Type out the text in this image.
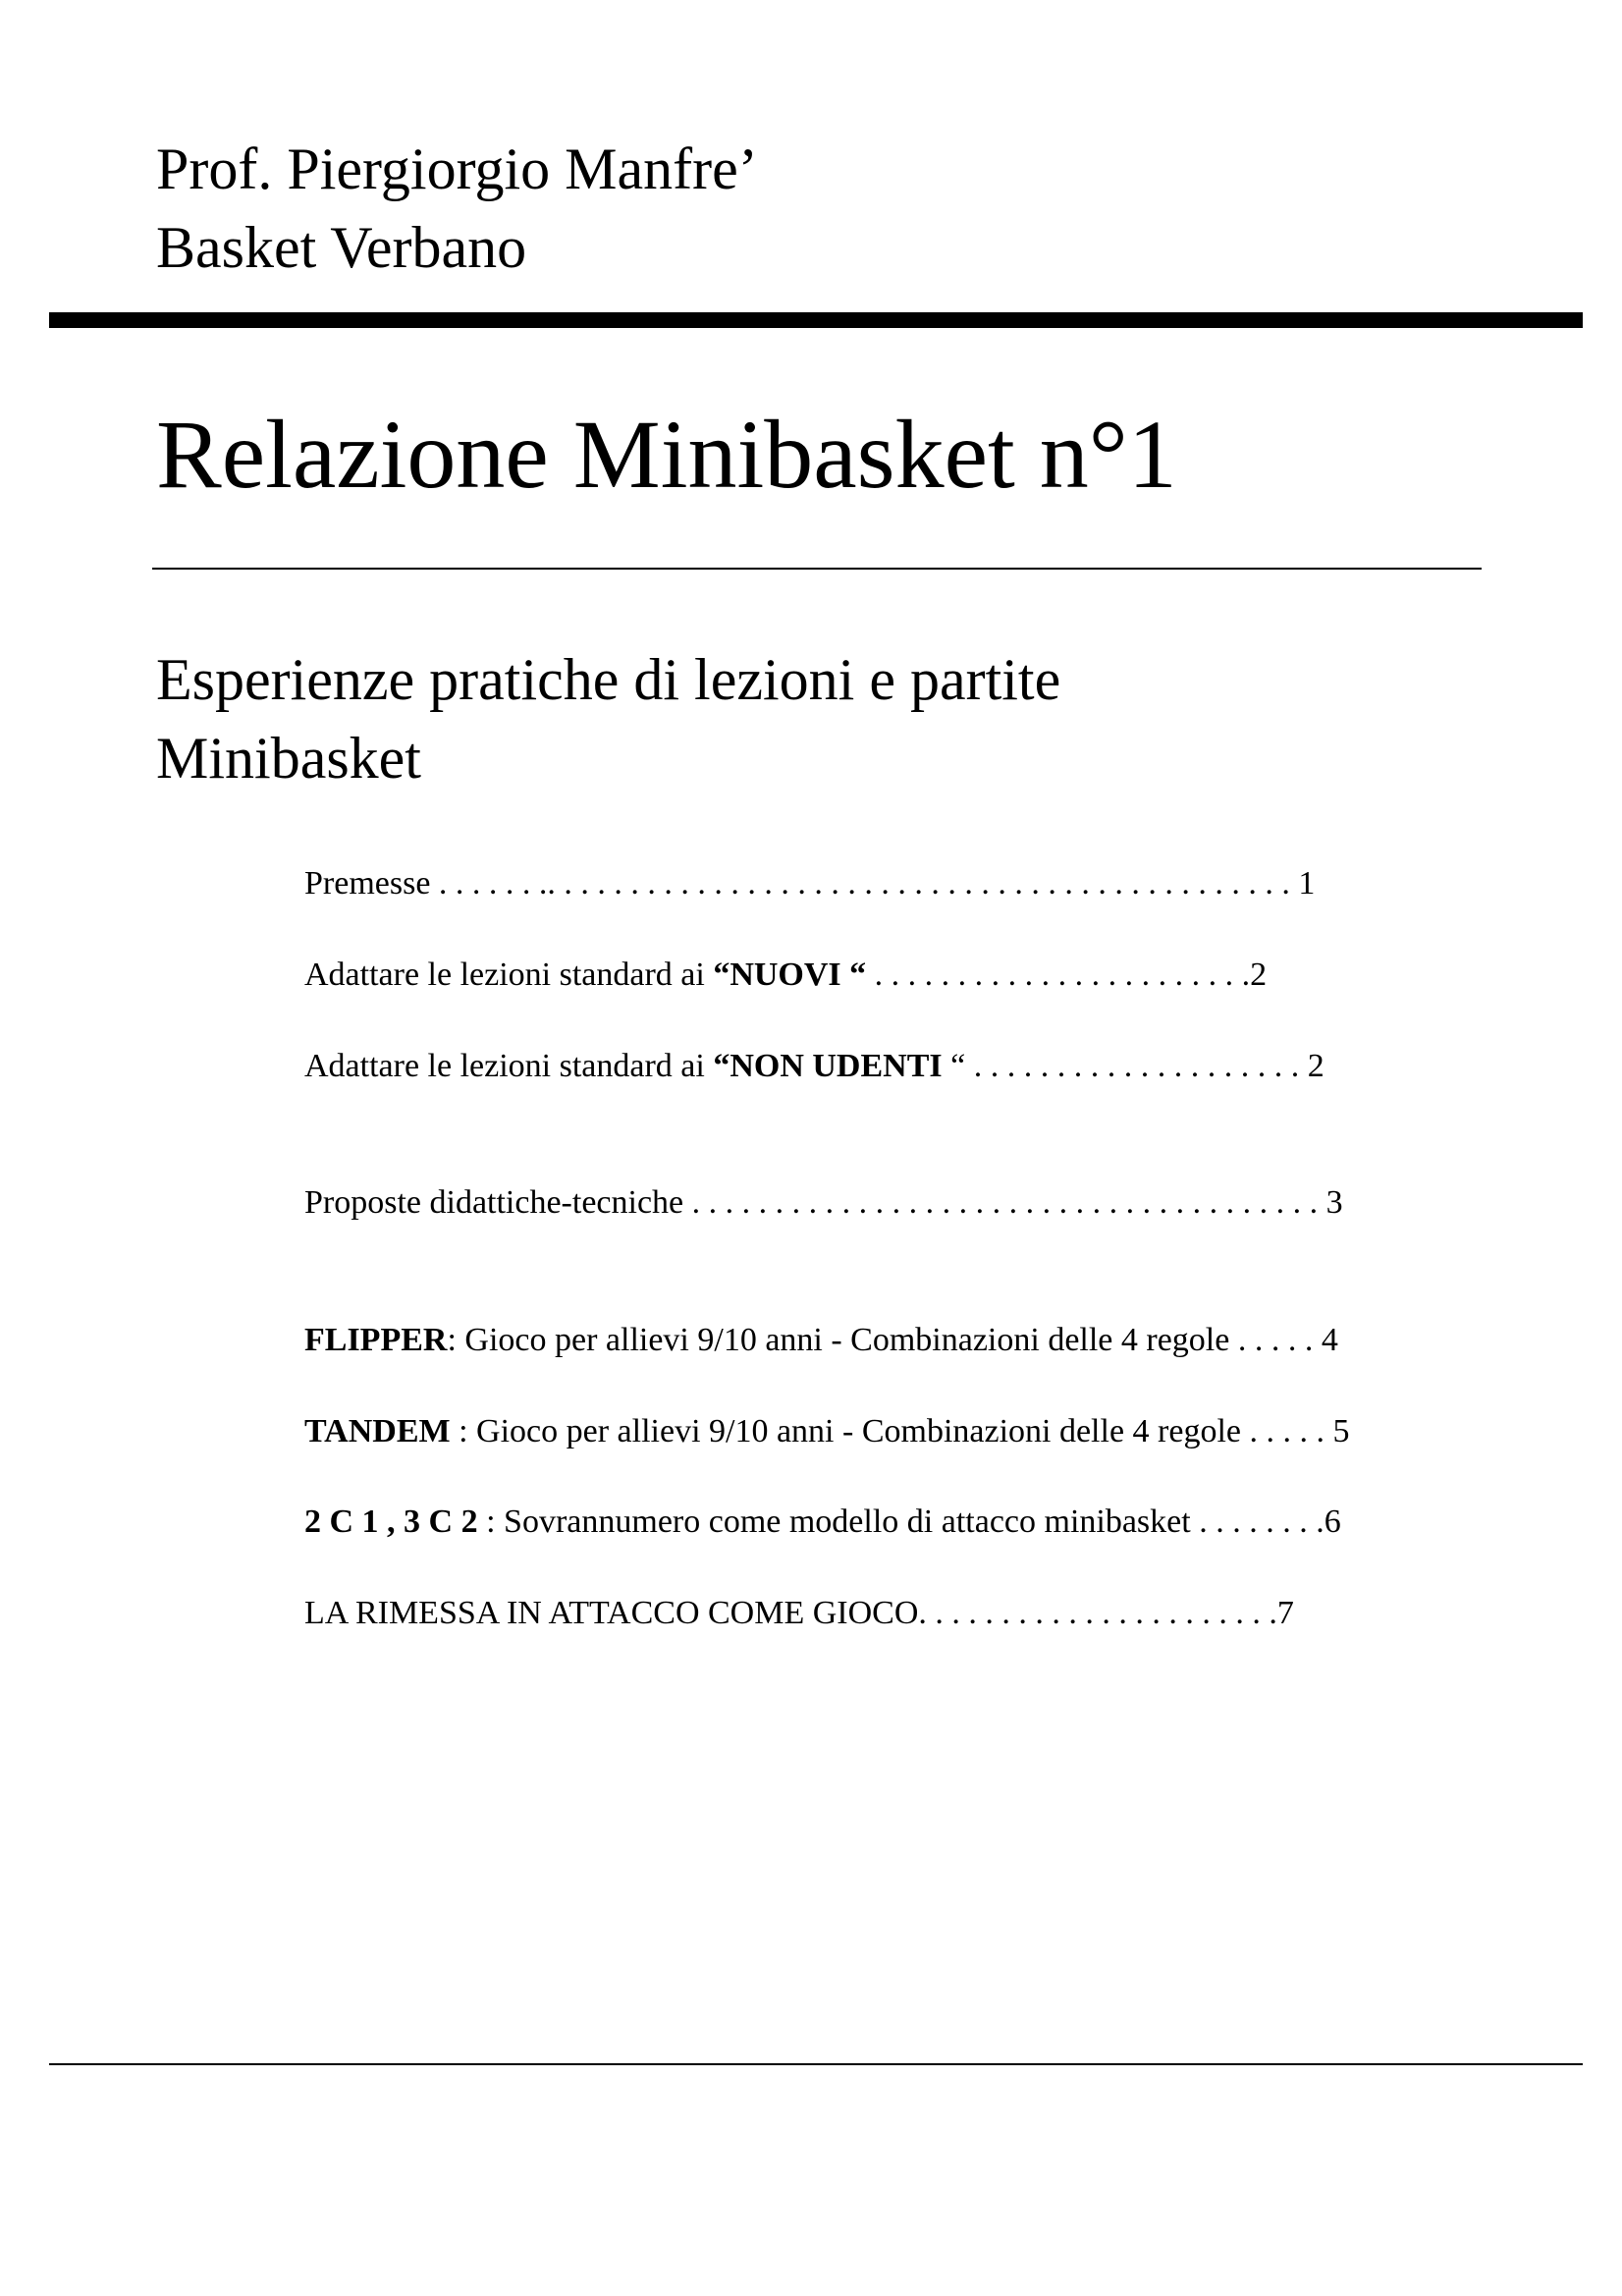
Prof. Piergiorgio Manfre’
Basket Verbano
Relazione Minibasket n°1
Esperienze pratiche di lezioni e partite
Minibasket
Premesse . . . . . . .. . . . . . . . . . . . . . . . . . . . . . . . . . . . . . . . . . . . . . . . . . . . . 1
Adattare le lezioni standard ai “NUOVI “ . . . . . . . . . . . . . . . . . . . . . . .2
Adattare le lezioni standard ai “NON UDENTI “ . . . . . . . . . . . . . . . . . . . . 2
Proposte didattiche-tecniche . . . . . . . . . . . . . . . . . . . . . . . . . . . . . . . . . . . . . . 3
FLIPPER: Gioco per allievi 9/10 anni - Combinazioni delle 4 regole . . . . . 4
TANDEM : Gioco per allievi 9/10 anni - Combinazioni delle 4 regole . . . . . 5
2 C 1 , 3 C 2 : Sovrannumero come modello di attacco minibasket . . . . . . . .6
LA RIMESSA IN ATTACCO COME GIOCO. . . . . . . . . . . . . . . . . . . . . .7
